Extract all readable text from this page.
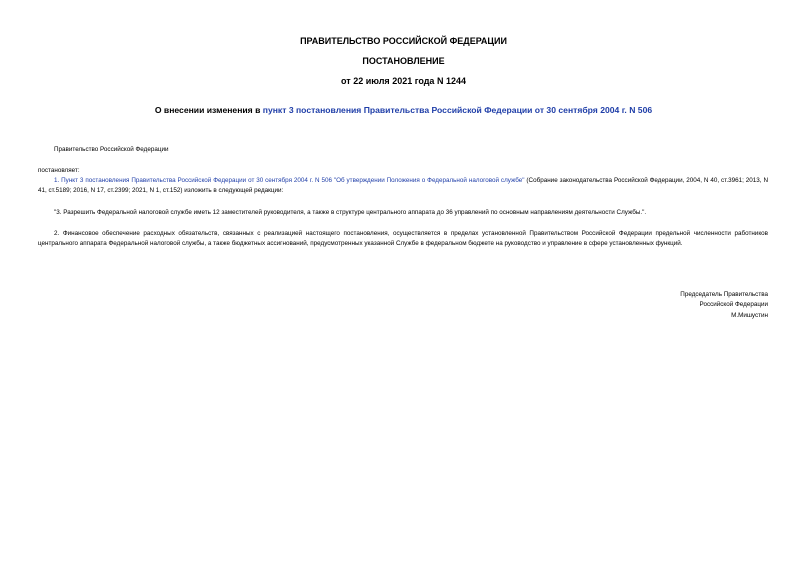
ПРАВИТЕЛЬСТВО РОССИЙСКОЙ ФЕДЕРАЦИИ
ПОСТАНОВЛЕНИЕ
от 22 июля 2021 года N 1244
О внесении изменения в пункт 3 постановления Правительства Российской Федерации от 30 сентября 2004 г. N 506
Правительство Российской Федерации
постановляет:
1. Пункт 3 постановления Правительства Российской Федерации от 30 сентября 2004 г. N 506 "Об утверждении Положения о Федеральной налоговой службе" (Собрание законодательства Российской Федерации, 2004, N 40, ст.3961; 2013, N 41, ст.5189; 2016, N 17, ст.2399; 2021, N 1, ст.152) изложить в следующей редакции:
"3. Разрешить Федеральной налоговой службе иметь 12 заместителей руководителя, а также в структуре центрального аппарата до 36 управлений по основным направлениям деятельности Службы.".
2. Финансовое обеспечение расходных обязательств, связанных с реализацией настоящего постановления, осуществляется в пределах установленной Правительством Российской Федерации предельной численности работников центрального аппарата Федеральной налоговой службы, а также бюджетных ассигнований, предусмотренных указанной Службе в федеральном бюджете на руководство и управление в сфере установленных функций.
Председатель Правительства
Российской Федерации
М.Мишустин
